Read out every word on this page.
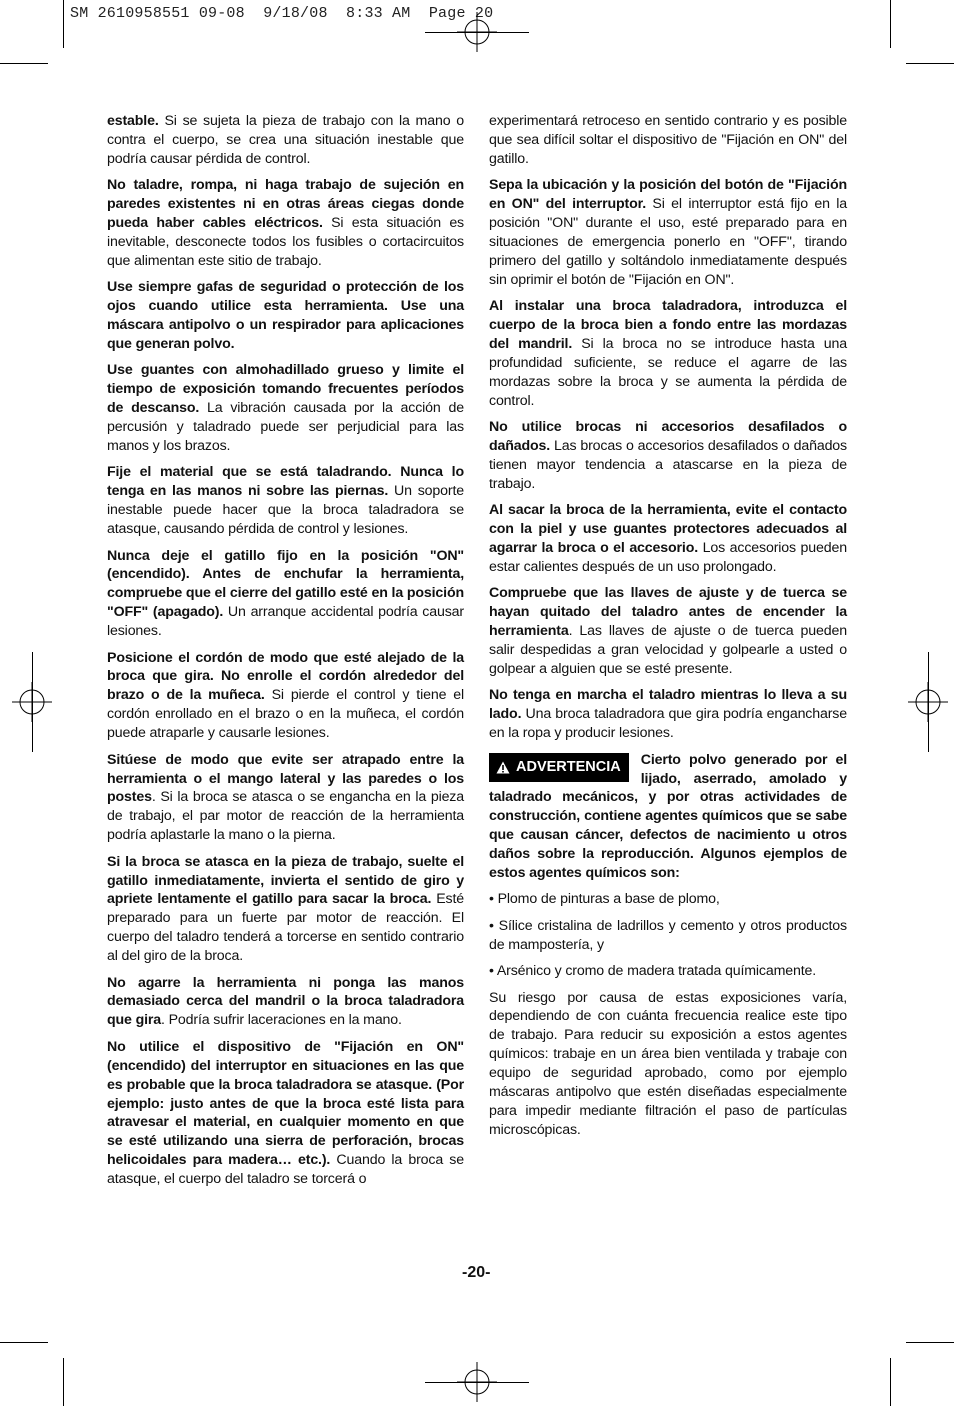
SM 2610958551 09-08  9/18/08  8:33 AM  Page 20

estable. Si se sujeta la pieza de trabajo con la mano o contra el cuerpo, se crea una situación inestable que podría causar pérdida de control.

No taladre, rompa, ni haga trabajo de sujeción en paredes existentes ni en otras áreas ciegas donde pueda haber cables eléctricos. Si esta situación es inevitable, desconecte todos los fusibles o cortacircuitos que alimentan este sitio de trabajo.

Use siempre gafas de seguridad o protección de los ojos cuando utilice esta herramienta. Use una máscara antipolvo o un respirador para aplicaciones que generan polvo.

Use guantes con almohadillado grueso y limite el tiempo de exposición tomando frecuentes períodos de descanso. La vibración causada por la acción de percusión y taladrado puede ser perjudicial para las manos y los brazos.

Fije el material que se está taladrando. Nunca lo tenga en las manos ni sobre las piernas. Un soporte inestable puede hacer que la broca taladradora se atasque, causando pérdida de control y lesiones.

Nunca deje el gatillo fijo en la posición "ON" (encendido). Antes de enchufar la herramienta, compruebe que el cierre del gatillo esté en la posición "OFF" (apagado). Un arranque accidental podría causar lesiones.

Posicione el cordón de modo que esté alejado de la broca que gira. No enrolle el cordón alrededor del brazo o de la muñeca. Si pierde el control y tiene el cordón enrollado en el brazo o en la muñeca, el cordón puede atraparle y causarle lesiones.

Sitúese de modo que evite ser atrapado entre la herramienta o el mango lateral y las paredes o los postes. Si la broca se atasca o se engancha en la pieza de trabajo, el par motor de reacción de la herramienta podría aplastarle la mano o la pierna.

Si la broca se atasca en la pieza de trabajo, suelte el gatillo inmediatamente, invierta el sentido de giro y apriete lentamente el gatillo para sacar la broca. Esté preparado para un fuerte par motor de reacción. El cuerpo del taladro tenderá a torcerse en sentido contrario al del giro de la broca.

No agarre la herramienta ni ponga las manos demasiado cerca del mandril o la broca taladradora que gira. Podría sufrir laceraciones en la mano.

No utilice el dispositivo de "Fijación en ON" (encendido) del interruptor en situaciones en las que es probable que la broca taladradora se atasque. (Por ejemplo: justo antes de que la broca esté lista para atravesar el material, en cualquier momento en que se esté utilizando una sierra de perforación, brocas helicoidales para madera… etc.). Cuando la broca se atasque, el cuerpo del taladro se torcerá o

experimentará retroceso en sentido contrario y es posible que sea difícil soltar el dispositivo de "Fijación en ON" del gatillo.

Sepa la ubicación y la posición del botón de "Fijación en ON" del interruptor. Si el interruptor está fijo en la posición "ON" durante el uso, esté preparado para en situaciones de emergencia ponerlo en "OFF", tirando primero del gatillo y soltándolo inmediatamente después sin oprimir el botón de "Fijación en ON".

Al instalar una broca taladradora, introduzca el cuerpo de la broca bien a fondo entre las mordazas del mandril. Si la broca no se introduce hasta una profundidad suficiente, se reduce el agarre de las mordazas sobre la broca y se aumenta la pérdida de control.

No utilice brocas ni accesorios desafilados o dañados. Las brocas o accesorios desafilados o dañados tienen mayor tendencia a atascarse en la pieza de trabajo.

Al sacar la broca de la herramienta, evite el contacto con la piel y use guantes protectores adecuados al agarrar la broca o el accesorio. Los accesorios pueden estar calientes después de un uso prolongado.

Compruebe que las llaves de ajuste y de tuerca se hayan quitado del taladro antes de encender la herramienta. Las llaves de ajuste o de tuerca pueden salir despedidas a gran velocidad y golpearle a usted o golpear a alguien que se esté presente.

No tenga en marcha el taladro mientras lo lleva a su lado. Una broca taladradora que gira podría engancharse en la ropa y producir lesiones.

ADVERTENCIA Cierto polvo generado por el lijado, aserrado, amolado y taladrado mecánicos, y por otras actividades de construcción, contiene agentes químicos que se sabe que causan cáncer, defectos de nacimiento u otros daños sobre la reproducción. Algunos ejemplos de estos agentes químicos son:

• Plomo de pinturas a base de plomo,

• Sílice cristalina de ladrillos y cemento y otros productos de mampostería, y

• Arsénico y cromo de madera tratada químicamente.

Su riesgo por causa de estas exposiciones varía, dependiendo de con cuánta frecuencia realice este tipo de trabajo. Para reducir su exposición a estos agentes químicos: trabaje en un área bien ventilada y trabaje con equipo de seguridad aprobado, como por ejemplo máscaras antipolvo que estén diseñadas especialmente para impedir mediante filtración el paso de partículas microscópicas.

-20-
